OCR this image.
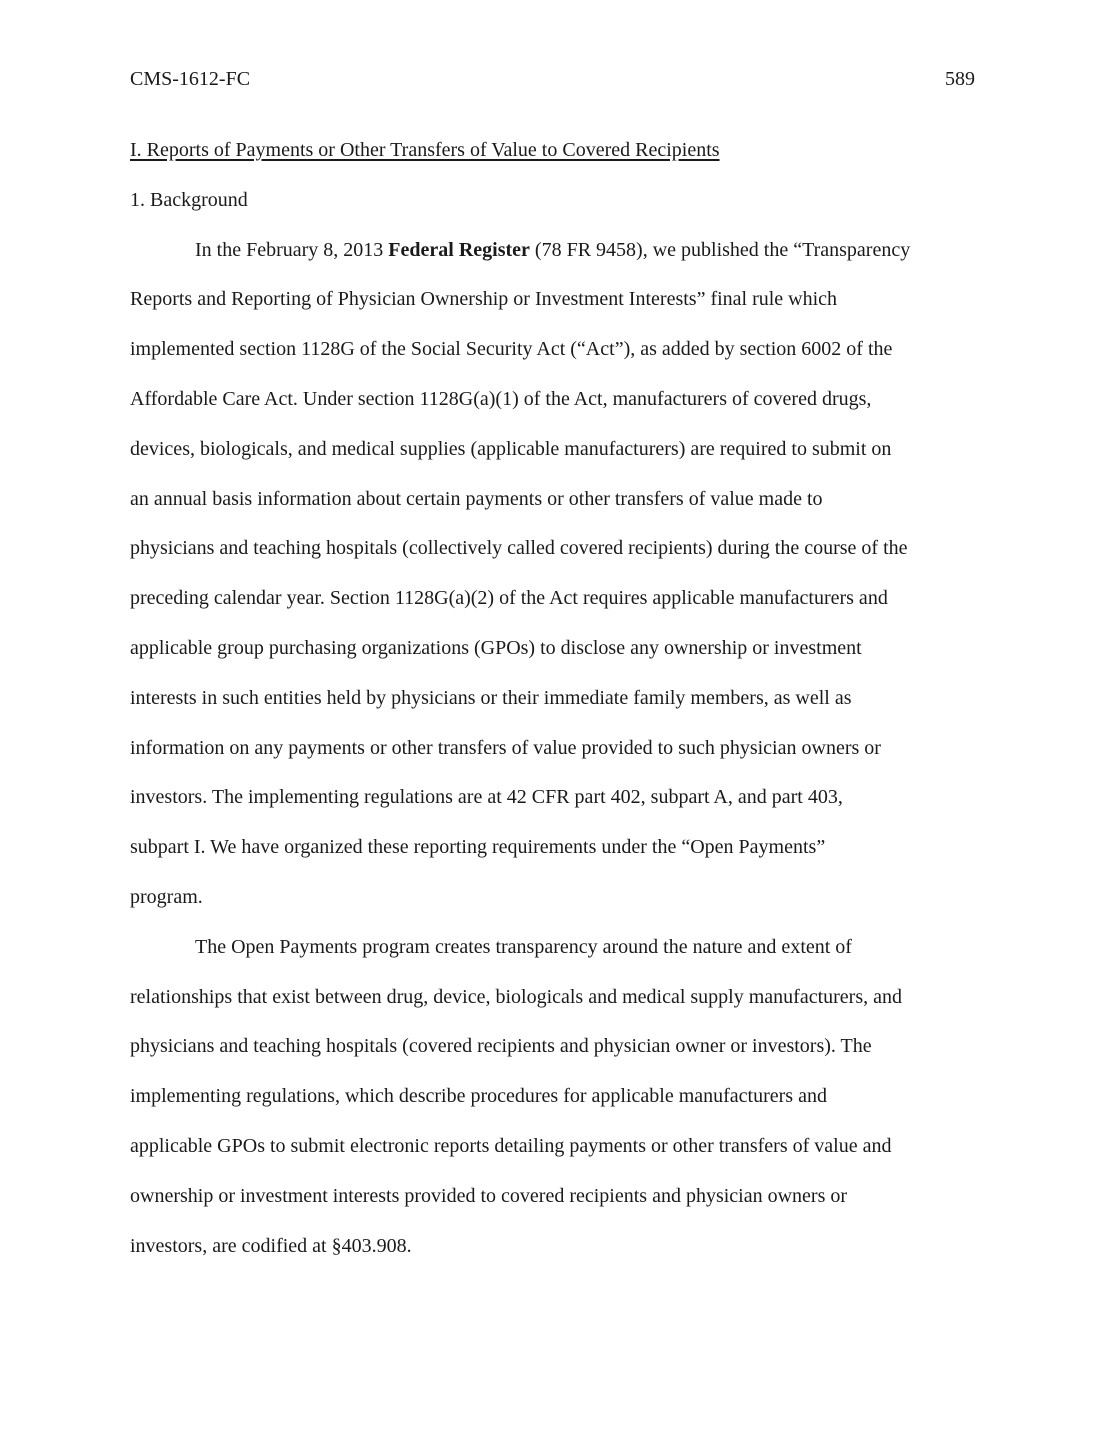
CMS-1612-FC	589

I. Reports of Payments or Other Transfers of Value to Covered Recipients

1. Background

In the February 8, 2013 Federal Register (78 FR 9458), we published the “Transparency

Reports and Reporting of Physician Ownership or Investment Interests” final rule which

implemented section 1128G of the Social Security Act (“Act”), as added by section 6002 of the

Affordable Care Act. Under section 1128G(a)(1) of the Act, manufacturers of covered drugs,

devices, biologicals, and medical supplies (applicable manufacturers) are required to submit on

an annual basis information about certain payments or other transfers of value made to

physicians and teaching hospitals (collectively called covered recipients) during the course of the

preceding calendar year. Section 1128G(a)(2) of the Act requires applicable manufacturers and

applicable group purchasing organizations (GPOs) to disclose any ownership or investment

interests in such entities held by physicians or their immediate family members, as well as

information on any payments or other transfers of value provided to such physician owners or

investors. The implementing regulations are at 42 CFR part 402, subpart A, and part 403,

subpart I. We have organized these reporting requirements under the “Open Payments”

program.

The Open Payments program creates transparency around the nature and extent of

relationships that exist between drug, device, biologicals and medical supply manufacturers, and

physicians and teaching hospitals (covered recipients and physician owner or investors). The

implementing regulations, which describe procedures for applicable manufacturers and

applicable GPOs to submit electronic reports detailing payments or other transfers of value and

ownership or investment interests provided to covered recipients and physician owners or

investors, are codified at §403.908.
